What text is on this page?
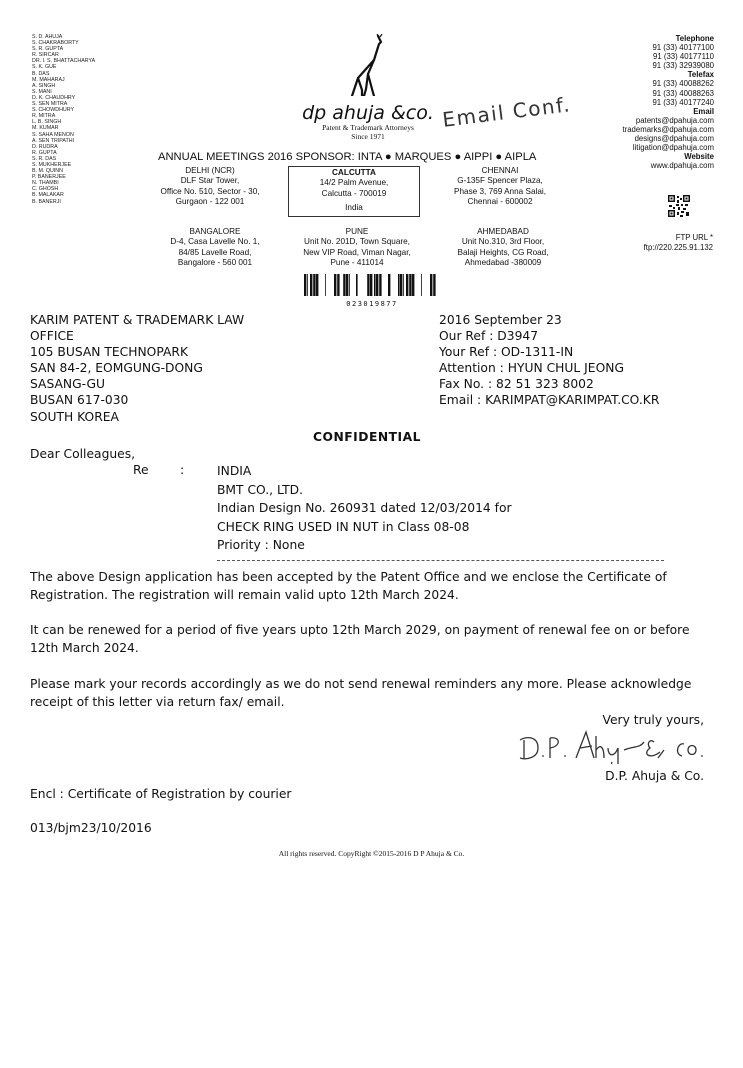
S. D. AHUJA
S. CHAKRABORTY
S. R. GUPTA
R. SIRCAR
DR. I. S. BHATTACHARYA
S. K. GUE
B. DAS
M. MAHARAJ
A. SINGH
S. MANI
D. K. CHAUDHRY
S. SEN MITRA
S. CHOWDHURY
R. MITRA
L. B. SINGH
M. KUMAR
S. SAHA MENON
A. SEN TRIPATHI
D. RUDRA
R. GUPTA
S. R. DAS
S. MUKHERJEE
B. M. QUINN
P. BANERJEE
N. THAMBI
C. GHOSH
B. MALAKAR
B. BANERJI
dp ahuja &co.
Patent & Trademark Attorneys
Since 1971
Email Conf.
Telephone
91 (33) 40177100
91 (33) 40177110
91 (33) 32939080
Telefax
91 (33) 40088262
91 (33) 40088263
91 (33) 40177240
Email
patents@dpahuja.com
trademarks@dpahuja.com
designs@dpahuja.com
litigation@dpahuja.com
Website
www.dpahuja.com
FTP URL *
ftp://220.225.91.132
ANNUAL MEETINGS 2016 SPONSOR: INTA ● MARQUES ● AIPPI ● AIPLA
DELHI (NCR)
DLF Star Tower,
Office No. 510, Sector - 30,
Gurgaon - 122 001
CALCUTTA
14/2 Palm Avenue,
Calcutta - 700019
India
CHENNAI
G-135F Spencer Plaza,
Phase 3, 769 Anna Salai,
Chennai - 600002
BANGALORE
D-4, Casa Lavelle No. 1,
84/85 Lavelle Road,
Bangalore - 560 001
PUNE
Unit No. 201D, Town Square,
New VIP Road, Viman Nagar,
Pune - 411014
AHMEDABAD
Unit No.310, 3rd Floor,
Balaji Heights, CG Road,
Ahmedabad -380009
023019877
KARIM PATENT & TRADEMARK LAW
OFFICE
105 BUSAN TECHNOPARK
SAN 84-2, EOMGUNG-DONG
SASANG-GU
BUSAN 617-030
SOUTH KOREA
2016 September 23
Our Ref : D3947
Your Ref : OD-1311-IN
Attention : HYUN CHUL JEONG
Fax No. : 82 51 323 8002
Email : KARIMPAT@KARIMPAT.CO.KR
CONFIDENTIAL
Dear Colleagues,
Re	:	INDIA
BMT CO., LTD.
Indian Design No. 260931 dated 12/03/2014 for
CHECK RING USED IN NUT in Class 08-08
Priority : None
The above Design application has been accepted by the Patent Office and we enclose the Certificate of Registration. The registration will remain valid upto 12th March 2024.
It can be renewed for a period of five years upto 12th March 2029, on payment of renewal fee on or before 12th March 2024.
Please mark your records accordingly as we do not send renewal reminders any more. Please acknowledge receipt of this letter via return fax/ email.
Very truly yours,
D.P. Ahuja & Co.
Encl : Certificate of Registration by courier
013/bjm23/10/2016
All rights reserved. CopyRight ©2015-2016 D P Ahuja & Co.
